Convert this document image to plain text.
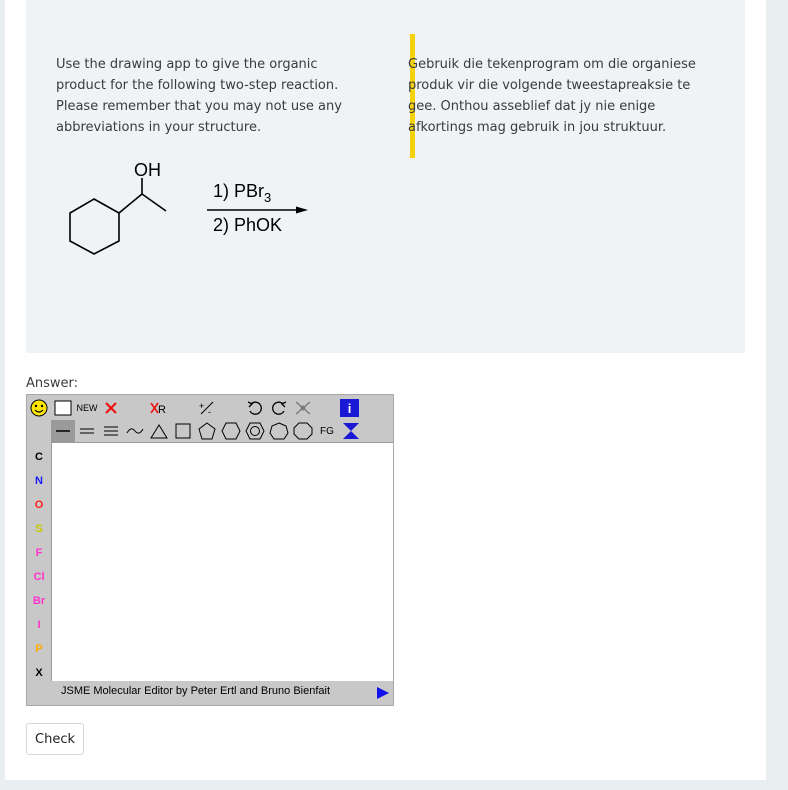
OH
1) PBr$_3$
2) PhOK
Use the drawing app to give the organic product for the following two-step reaction. Please remember that you may not use any abbreviations in your structure.
Gebruik die tekenprogram om die organiese produk vir die volgende tweestapreaksie te gee. Onthou asseblief dat jy nie enige afkortings mag gebruik in jou struktuur.
Answer:
NEW	R	+
-	i
FG
C
N
O
S
F
Cl
Br
I
P
X
JSME Molecular Editor by Peter Ertl and Bruno Bienfait
Check
